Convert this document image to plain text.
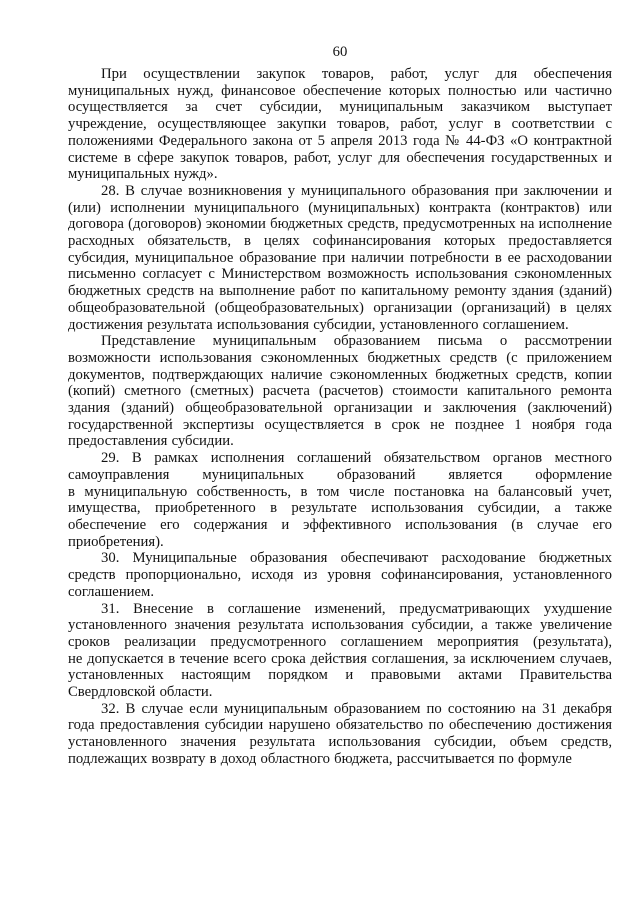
60

При осуществлении закупок товаров, работ, услуг для обеспечения муниципальных нужд, финансовое обеспечение которых полностью или частично осуществляется за счет субсидии, муниципальным заказчиком выступает учреждение, осуществляющее закупки товаров, работ, услуг в соответствии с положениями Федерального закона от 5 апреля 2013 года № 44-ФЗ «О контрактной системе в сфере закупок товаров, работ, услуг для обеспечения государственных и муниципальных нужд».

28. В случае возникновения у муниципального образования при заключении и (или) исполнении муниципального (муниципальных) контракта (контрактов) или договора (договоров) экономии бюджетных средств, предусмотренных на исполнение расходных обязательств, в целях софинансирования которых предоставляется субсидия, муниципальное образование при наличии потребности в ее расходовании письменно согласует с Министерством возможность использования сэкономленных бюджетных средств на выполнение работ по капитальному ремонту здания (зданий) общеобразовательной (общеобразовательных) организации (организаций) в целях достижения результата использования субсидии, установленного соглашением.

Представление муниципальным образованием письма о рассмотрении возможности использования сэкономленных бюджетных средств (с приложением документов, подтверждающих наличие сэкономленных бюджетных средств, копии (копий) сметного (сметных) расчета (расчетов) стоимости капитального ремонта здания (зданий) общеобразовательной организации и заключения (заключений) государственной экспертизы осуществляется в срок не позднее 1 ноября года предоставления субсидии.

29. В рамках исполнения соглашений обязательством органов местного самоуправления муниципальных образований является оформление в муниципальную собственность, в том числе постановка на балансовый учет, имущества, приобретенного в результате использования субсидии, а также обеспечение его содержания и эффективного использования (в случае его приобретения).

30. Муниципальные образования обеспечивают расходование бюджетных средств пропорционально, исходя из уровня софинансирования, установленного соглашением.

31. Внесение в соглашение изменений, предусматривающих ухудшение установленного значения результата использования субсидии, а также увеличение сроков реализации предусмотренного соглашением мероприятия (результата), не допускается в течение всего срока действия соглашения, за исключением случаев, установленных настоящим порядком и правовыми актами Правительства Свердловской области.

32. В случае если муниципальным образованием по состоянию на 31 декабря года предоставления субсидии нарушено обязательство по обеспечению достижения установленного значения результата использования субсидии, объем средств, подлежащих возврату в доход областного бюджета, рассчитывается по формуле
